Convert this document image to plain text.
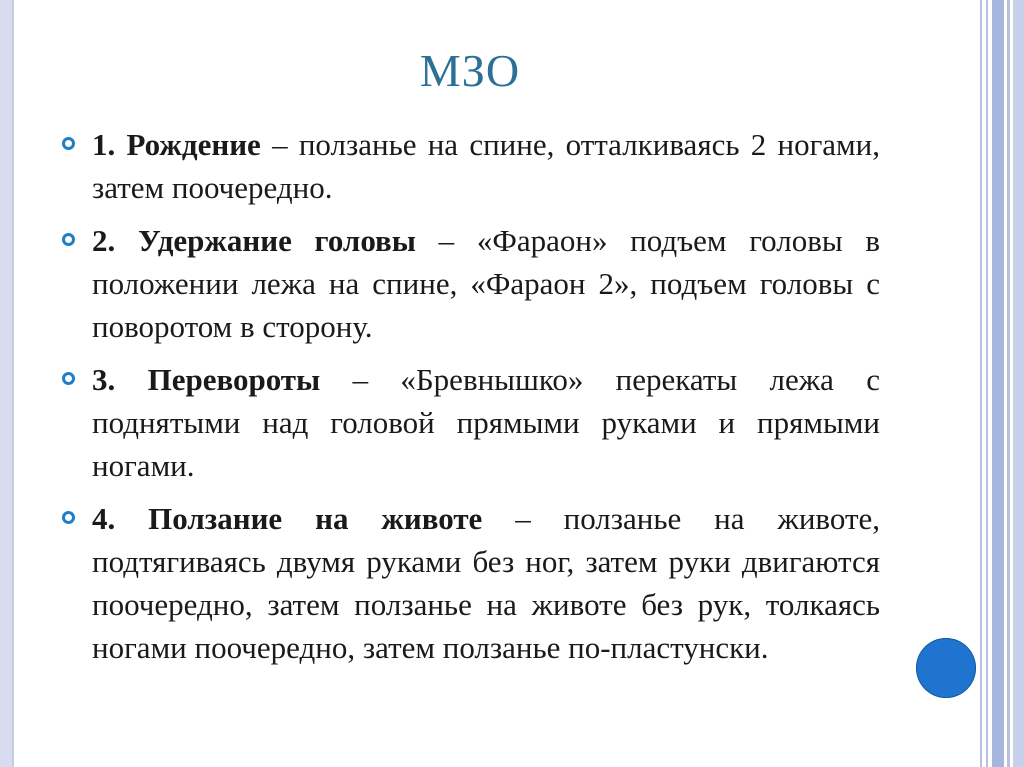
МЗО
1. Рождение – ползанье на спине, отталкиваясь 2 ногами, затем поочередно.
2. Удержание головы – «Фараон» подъем головы в положении лежа на спине, «Фараон 2», подъем головы с поворотом в сторону.
3. Перевороты – «Бревнышко» перекаты лежа с поднятыми над головой прямыми руками и прямыми ногами.
4. Ползание на животе – ползанье на животе, подтягиваясь двумя руками без ног, затем руки двигаются поочередно, затем ползанье на животе без рук, толкаясь ногами поочередно, затем ползанье по-пластунски.
